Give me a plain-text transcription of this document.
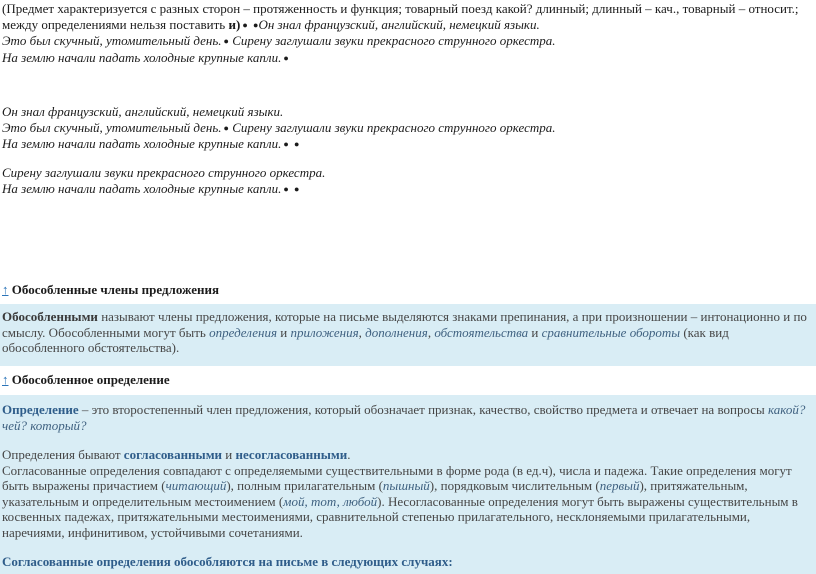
(Предмет характеризуется с разных сторон – протяженность и функция; товарный поезд какой? длинный; длинный – кач., товарный – относит.;
между определениями нельзя поставить и) ● ●Он знал французский, английский, немецкий языки.
Это был скучный, утомительный день. ● Сирену заглушали звуки прекрасного струнного оркестра.
На землю начали падать холодные крупные капли. ●
Он знал французский, английский, немецкий языки.
Это был скучный, утомительный день. ● Сирену заглушали звуки прекрасного струнного оркестра.
На землю начали падать холодные крупные капли. ● ●
Сирену заглушали звуки прекрасного струнного оркестра.
На землю начали падать холодные крупные капли. ● ●
↑ Обособленные члены предложения
Обособленными называют члены предложения, которые на письме выделяются знаками препинания, а при произношении – интонационно и по смыслу. Обособленными могут быть определения и приложения, дополнения, обстоятельства и сравнительные обороты (как вид обособленного обстоятельства).
↑ Обособленное определение
Определение – это второстепенный член предложения, который обозначает признак, качество, свойство предмета и отвечает на вопросы какой? чей? который?
Определения бывают согласованными и несогласованными.
Согласованные определения совпадают с определяемыми существительными в форме рода (в ед.ч), числа и падежа. Такие определения могут быть выражены причастием (читающий), полным прилагательным (пышный), порядковым числительным (первый), притяжательным, указательным и определительным местоимением (мой, тот, любой). Несогласованные определения могут быть выражены существительным в косвенных падежах, притяжательными местоимениями, сравнительной степенью прилагательного, несклоняемыми прилагательными, наречиями, инфинитивом, устойчивыми сочетаниями.
Согласованные определения обособляются на письме в следующих случаях:
